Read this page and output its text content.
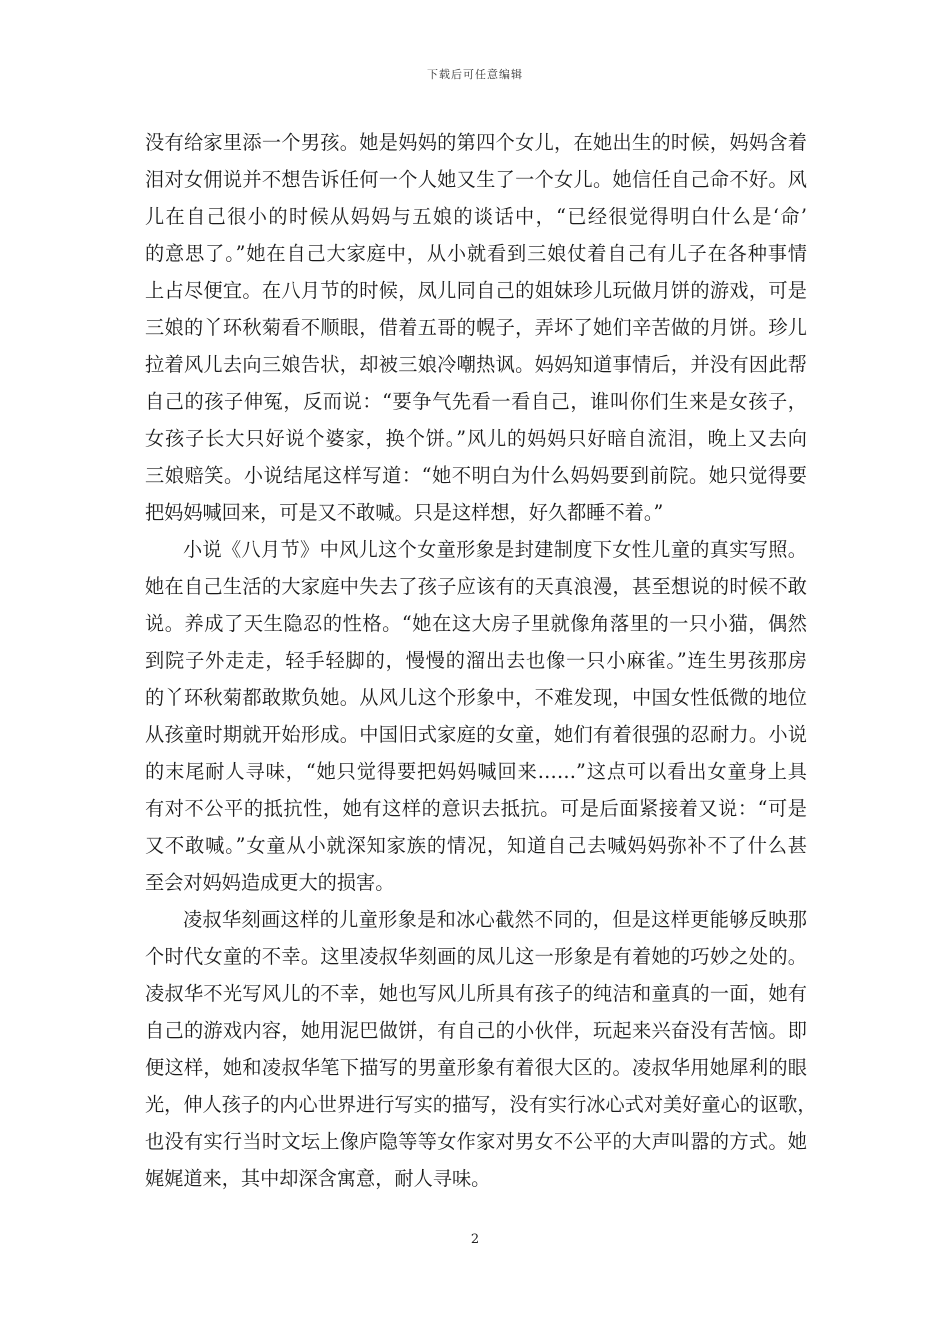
下载后可任意编辑
没有给家里添一个男孩。她是妈妈的第四个女儿，在她出生的时候，妈妈含着
泪对女佣说并不想告诉任何一个人她又生了一个女儿。她信任自己命不好。风
儿在自己很小的时候从妈妈与五娘的谈话中，“已经很觉得明白什么是‘命’
的意思了。”她在自己大家庭中，从小就看到三娘仗着自己有儿子在各种事情
上占尽便宜。在八月节的时候，凤儿同自己的姐妹珍儿玩做月饼的游戏，可是
三娘的丫环秋菊看不顺眼，借着五哥的幌子，弄坏了她们辛苦做的月饼。珍儿
拉着风儿去向三娘告状，却被三娘冷嘲热讽。妈妈知道事情后，并没有因此帮
自己的孩子伸冤，反而说：“要争气先看一看自己，谁叫你们生来是女孩子，
女孩子长大只好说个婆家，换个饼。”风儿的妈妈只好暗自流泪，晚上又去向
三娘赔笑。小说结尾这样写道：“她不明白为什么妈妈要到前院。她只觉得要
把妈妈喊回来，可是又不敢喊。只是这样想，好久都睡不着。”
小说《八月节》中风儿这个女童形象是封建制度下女性儿童的真实写照。
她在自己生活的大家庭中失去了孩子应该有的天真浪漫，甚至想说的时候不敢
说。养成了天生隐忍的性格。“她在这大房子里就像角落里的一只小猫，偶然
到院子外走走，轻手轻脚的，慢慢的溜出去也像一只小麻雀。”连生男孩那房
的丫环秋菊都敢欺负她。从风儿这个形象中，不难发现，中国女性低微的地位
从孩童时期就开始形成。中国旧式家庭的女童，她们有着很强的忍耐力。小说
的末尾耐人寻味，“她只觉得要把妈妈喊回来……”这点可以看出女童身上具
有对不公平的抵抗性，她有这样的意识去抵抗。可是后面紧接着又说：“可是
又不敢喊。”女童从小就深知家族的情况，知道自己去喊妈妈弥补不了什么甚
至会对妈妈造成更大的损害。
凌叔华刻画这样的儿童形象是和冰心截然不同的，但是这样更能够反映那
个时代女童的不幸。这里凌叔华刻画的凤儿这一形象是有着她的巧妙之处的。
凌叔华不光写风儿的不幸，她也写风儿所具有孩子的纯洁和童真的一面，她有
自己的游戏内容，她用泥巴做饼，有自己的小伙伴，玩起来兴奋没有苦恼。即
便这样，她和凌叔华笔下描写的男童形象有着很大区的。凌叔华用她犀利的眼
光，伸人孩子的内心世界进行写实的描写，没有实行冰心式对美好童心的讴歌，
也没有实行当时文坛上像庐隐等等女作家对男女不公平的大声叫嚣的方式。她
娓娓道来，其中却深含寓意，耐人寻味。
2
